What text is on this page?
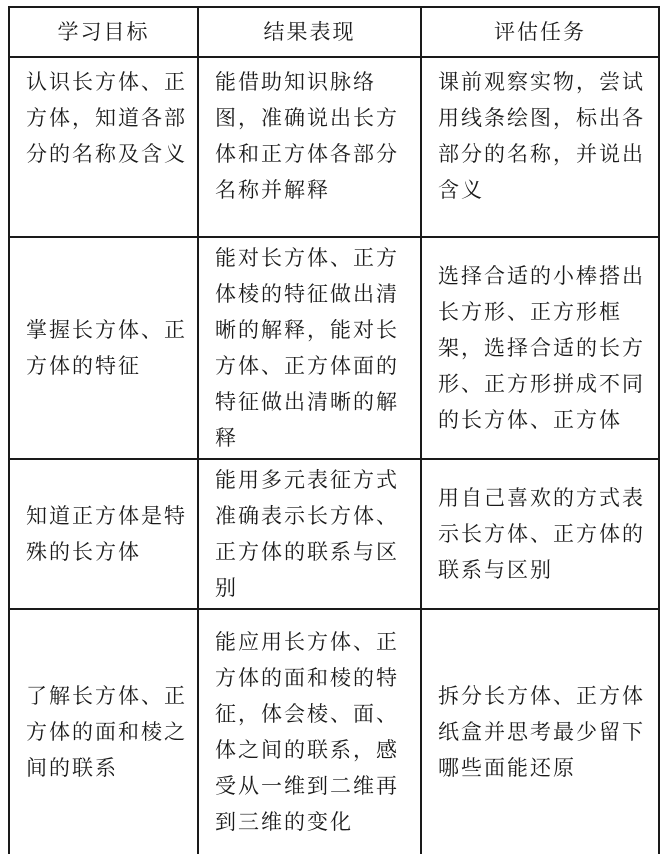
学习目标	结果表现	评估任务
认识长方体、正方体，知道各部分的名称及含义	能借助知识脉络图，准确说出长方体和正方体各部分名称并解释	课前观察实物，尝试用线条绘图，标出各部分的名称，并说出含义
掌握长方体、正方体的特征	能对长方体、正方体棱的特征做出清晰的解释，能对长方体、正方体面的特征做出清晰的解释	选择合适的小棒搭出长方形、正方形框架，选择合适的长方形、正方形拼成不同的长方体、正方体
知道正方体是特殊的长方体	能用多元表征方式准确表示长方体、正方体的联系与区别	用自己喜欢的方式表示长方体、正方体的联系与区别
了解长方体、正方体的面和棱之间的联系	能应用长方体、正方体的面和棱的特征，体会棱、面、体之间的联系，感受从一维到二维再到三维的变化	拆分长方体、正方体纸盒并思考最少留下哪些面能还原
